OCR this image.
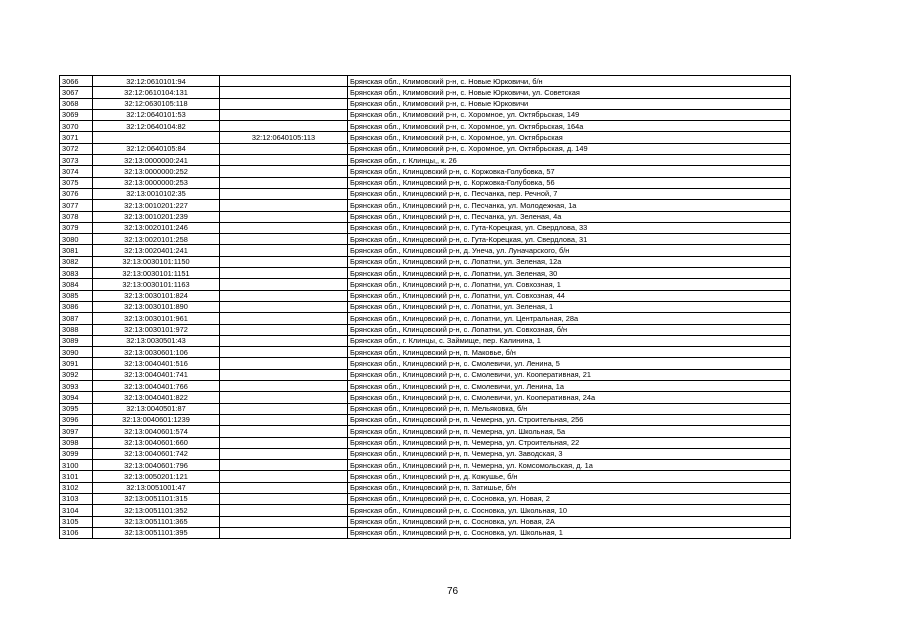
3066	32:12:0610101:94		Брянская обл., Климовский р-н, с. Новые Юрковичи, б/н
3067	32:12:0610104:131		Брянская обл., Климовский р-н, с. Новые Юрковичи, ул. Советская
3068	32:12:0630105:118		Брянская обл., Климовский р-н, с. Новые Юрковичи
3069	32:12:0640101:53		Брянская обл., Климовский р-н, с. Хоромное, ул. Октябрьская, 149
3070	32:12:0640104:82		Брянская обл., Климовский р-н, с. Хоромное, ул. Октябрьская, 164а
3071		32:12:0640105:113	Брянская обл., Климовский р-н, с. Хоромное, ул. Октябрьская
3072	32:12:0640105:84		Брянская обл., Климовский р-н, с. Хоромное, ул. Октябрьская, д. 149
3073	32:13:0000000:241		Брянская обл., г. Клинцы,, к. 26
3074	32:13:0000000:252		Брянская обл., Клинцовский р-н, с. Коржовка-Голубовка, 57
3075	32:13:0000000:253		Брянская обл., Клинцовский р-н, с. Коржовка-Голубовка, 56
3076	32:13:0010102:35		Брянская обл., Клинцовский р-н, с. Песчанка, пер. Речной, 7
3077	32:13:0010201:227		Брянская обл., Клинцовский р-н, с. Песчанка, ул. Молодежная, 1а
3078	32:13:0010201:239		Брянская обл., Клинцовский р-н, с. Песчанка, ул. Зеленая, 4а
3079	32:13:0020101:246		Брянская обл., Клинцовский р-н, с. Гута-Корецкая, ул. Свердлова, 33
3080	32:13:0020101:258		Брянская обл., Клинцовский р-н, с. Гута-Корецкая, ул. Свердлова, 31
3081	32:13:0020401:241		Брянская обл., Клинцовский р-н, д. Унеча, ул. Луначарского, б/н
3082	32:13:0030101:1150		Брянская обл., Клинцовский р-н, с. Лопатни, ул. Зеленая, 12а
3083	32:13:0030101:1151		Брянская обл., Клинцовский р-н, с. Лопатни, ул. Зеленая, 30
3084	32:13:0030101:1163		Брянская обл., Клинцовский р-н, с. Лопатни, ул. Совхозная, 1
3085	32:13:0030101:824		Брянская обл., Клинцовский р-н, с. Лопатни, ул. Совхозная, 44
3086	32:13:0030101:890		Брянская обл., Клинцовский р-н, с. Лопатни, ул. Зеленая, 1
3087	32:13:0030101:961		Брянская обл., Клинцовский р-н, с. Лопатни, ул. Центральная, 28а
3088	32:13:0030101:972		Брянская обл., Клинцовский р-н, с. Лопатни, ул. Совхозная, б/н
3089	32:13:0030501:43		Брянская обл., г. Клинцы, с. Займище, пер. Калинина, 1
3090	32:13:0030601:106		Брянская обл., Клинцовский р-н, п. Маковье, б/н
3091	32:13:0040401:516		Брянская обл., Клинцовский р-н, с. Смолевичи, ул. Ленина, 5
3092	32:13:0040401:741		Брянская обл., Клинцовский р-н, с. Смолевичи, ул. Кооперативная, 21
3093	32:13:0040401:766		Брянская обл., Клинцовский р-н, с. Смолевичи, ул. Ленина, 1а
3094	32:13:0040401:822		Брянская обл., Клинцовский р-н, с. Смолевичи, ул. Кооперативная, 24а
3095	32:13:0040501:87		Брянская обл., Клинцовский р-н, п. Мельяковка, б/н
3096	32:13:0040601:1239		Брянская обл., Клинцовский р-н, п. Чемерна, ул. Строительная, 256
3097	32:13:0040601:574		Брянская обл., Клинцовский р-н, п. Чемерна, ул. Школьная, 5а
3098	32:13:0040601:660		Брянская обл., Клинцовский р-н, п. Чемерна, ул. Строительная, 22
3099	32:13:0040601:742		Брянская обл., Клинцовский р-н, п. Чемерна, ул. Заводская, 3
3100	32:13:0040601:796		Брянская обл., Клинцовский р-н, п. Чемерна, ул. Комсомольская, д. 1а
3101	32:13:0050201:121		Брянская обл., Клинцовский р-н, д. Кожушье, б/н
3102	32:13:0051001:47		Брянская обл., Клинцовский р-н, п. Затишье, б/н
3103	32:13:0051101:315		Брянская обл., Клинцовский р-н, с. Сосновка, ул. Новая, 2
3104	32:13:0051101:352		Брянская обл., Клинцовский р-н, с. Сосновка, ул. Школьная, 10
3105	32:13:0051101:365		Брянская обл., Клинцовский р-н, с. Сосновка, ул. Новая, 2А
3106	32:13:0051101:395		Брянская обл., Клинцовский р-н, с. Сосновка, ул. Школьная, 1
76
